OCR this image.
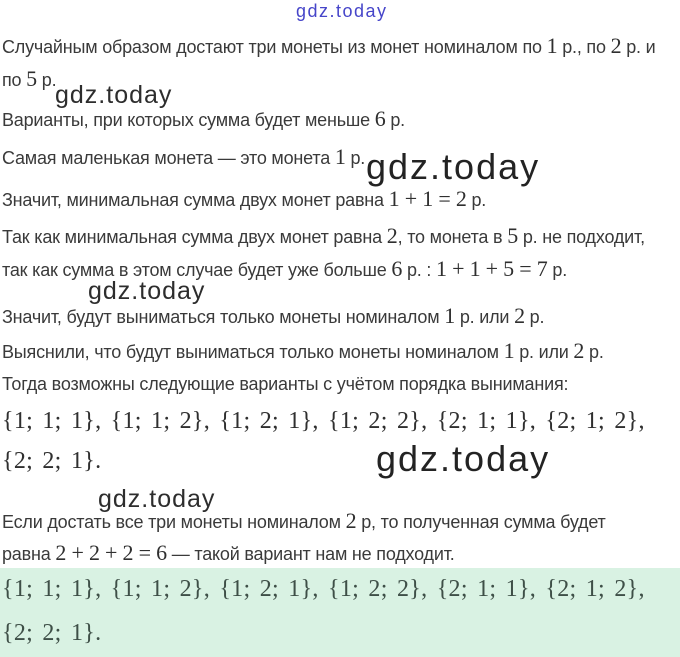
gdz.today
gdz.today
gdz.today
gdz.today
gdz.today
gdz.today
Случайным образом достают три монеты из монет номиналом по 1 р., по 2 р. и
по 5 р.
Варианты, при которых сумма будет меньше 6 р.
Самая маленькая монета — это монета 1 р.
Значит, минимальная сумма двух монет равна 1 + 1 = 2 р.
Так как минимальная сумма двух монет равна 2, то монета в 5 р. не подходит,
так как сумма в этом случае будет уже больше 6 р. : 1 + 1 + 5 = 7 р.
Значит, будут выниматься только монеты номиналом 1 р. или 2 р.
Выяснили, что будут выниматься только монеты номиналом 1 р. или 2 р.
Тогда возможны следующие варианты с учётом порядка вынимания:
{1; 1; 1}, {1; 1; 2}, {1; 2; 1}, {1; 2; 2}, {2; 1; 1}, {2; 1; 2},
{2; 2; 1}.
Если достать все три монеты номиналом 2 р, то полученная сумма будет
равна 2 + 2 + 2 = 6 — такой вариант нам не подходит.
{1; 1; 1}, {1; 1; 2}, {1; 2; 1}, {1; 2; 2}, {2; 1; 1}, {2; 1; 2},
{2; 2; 1}.
